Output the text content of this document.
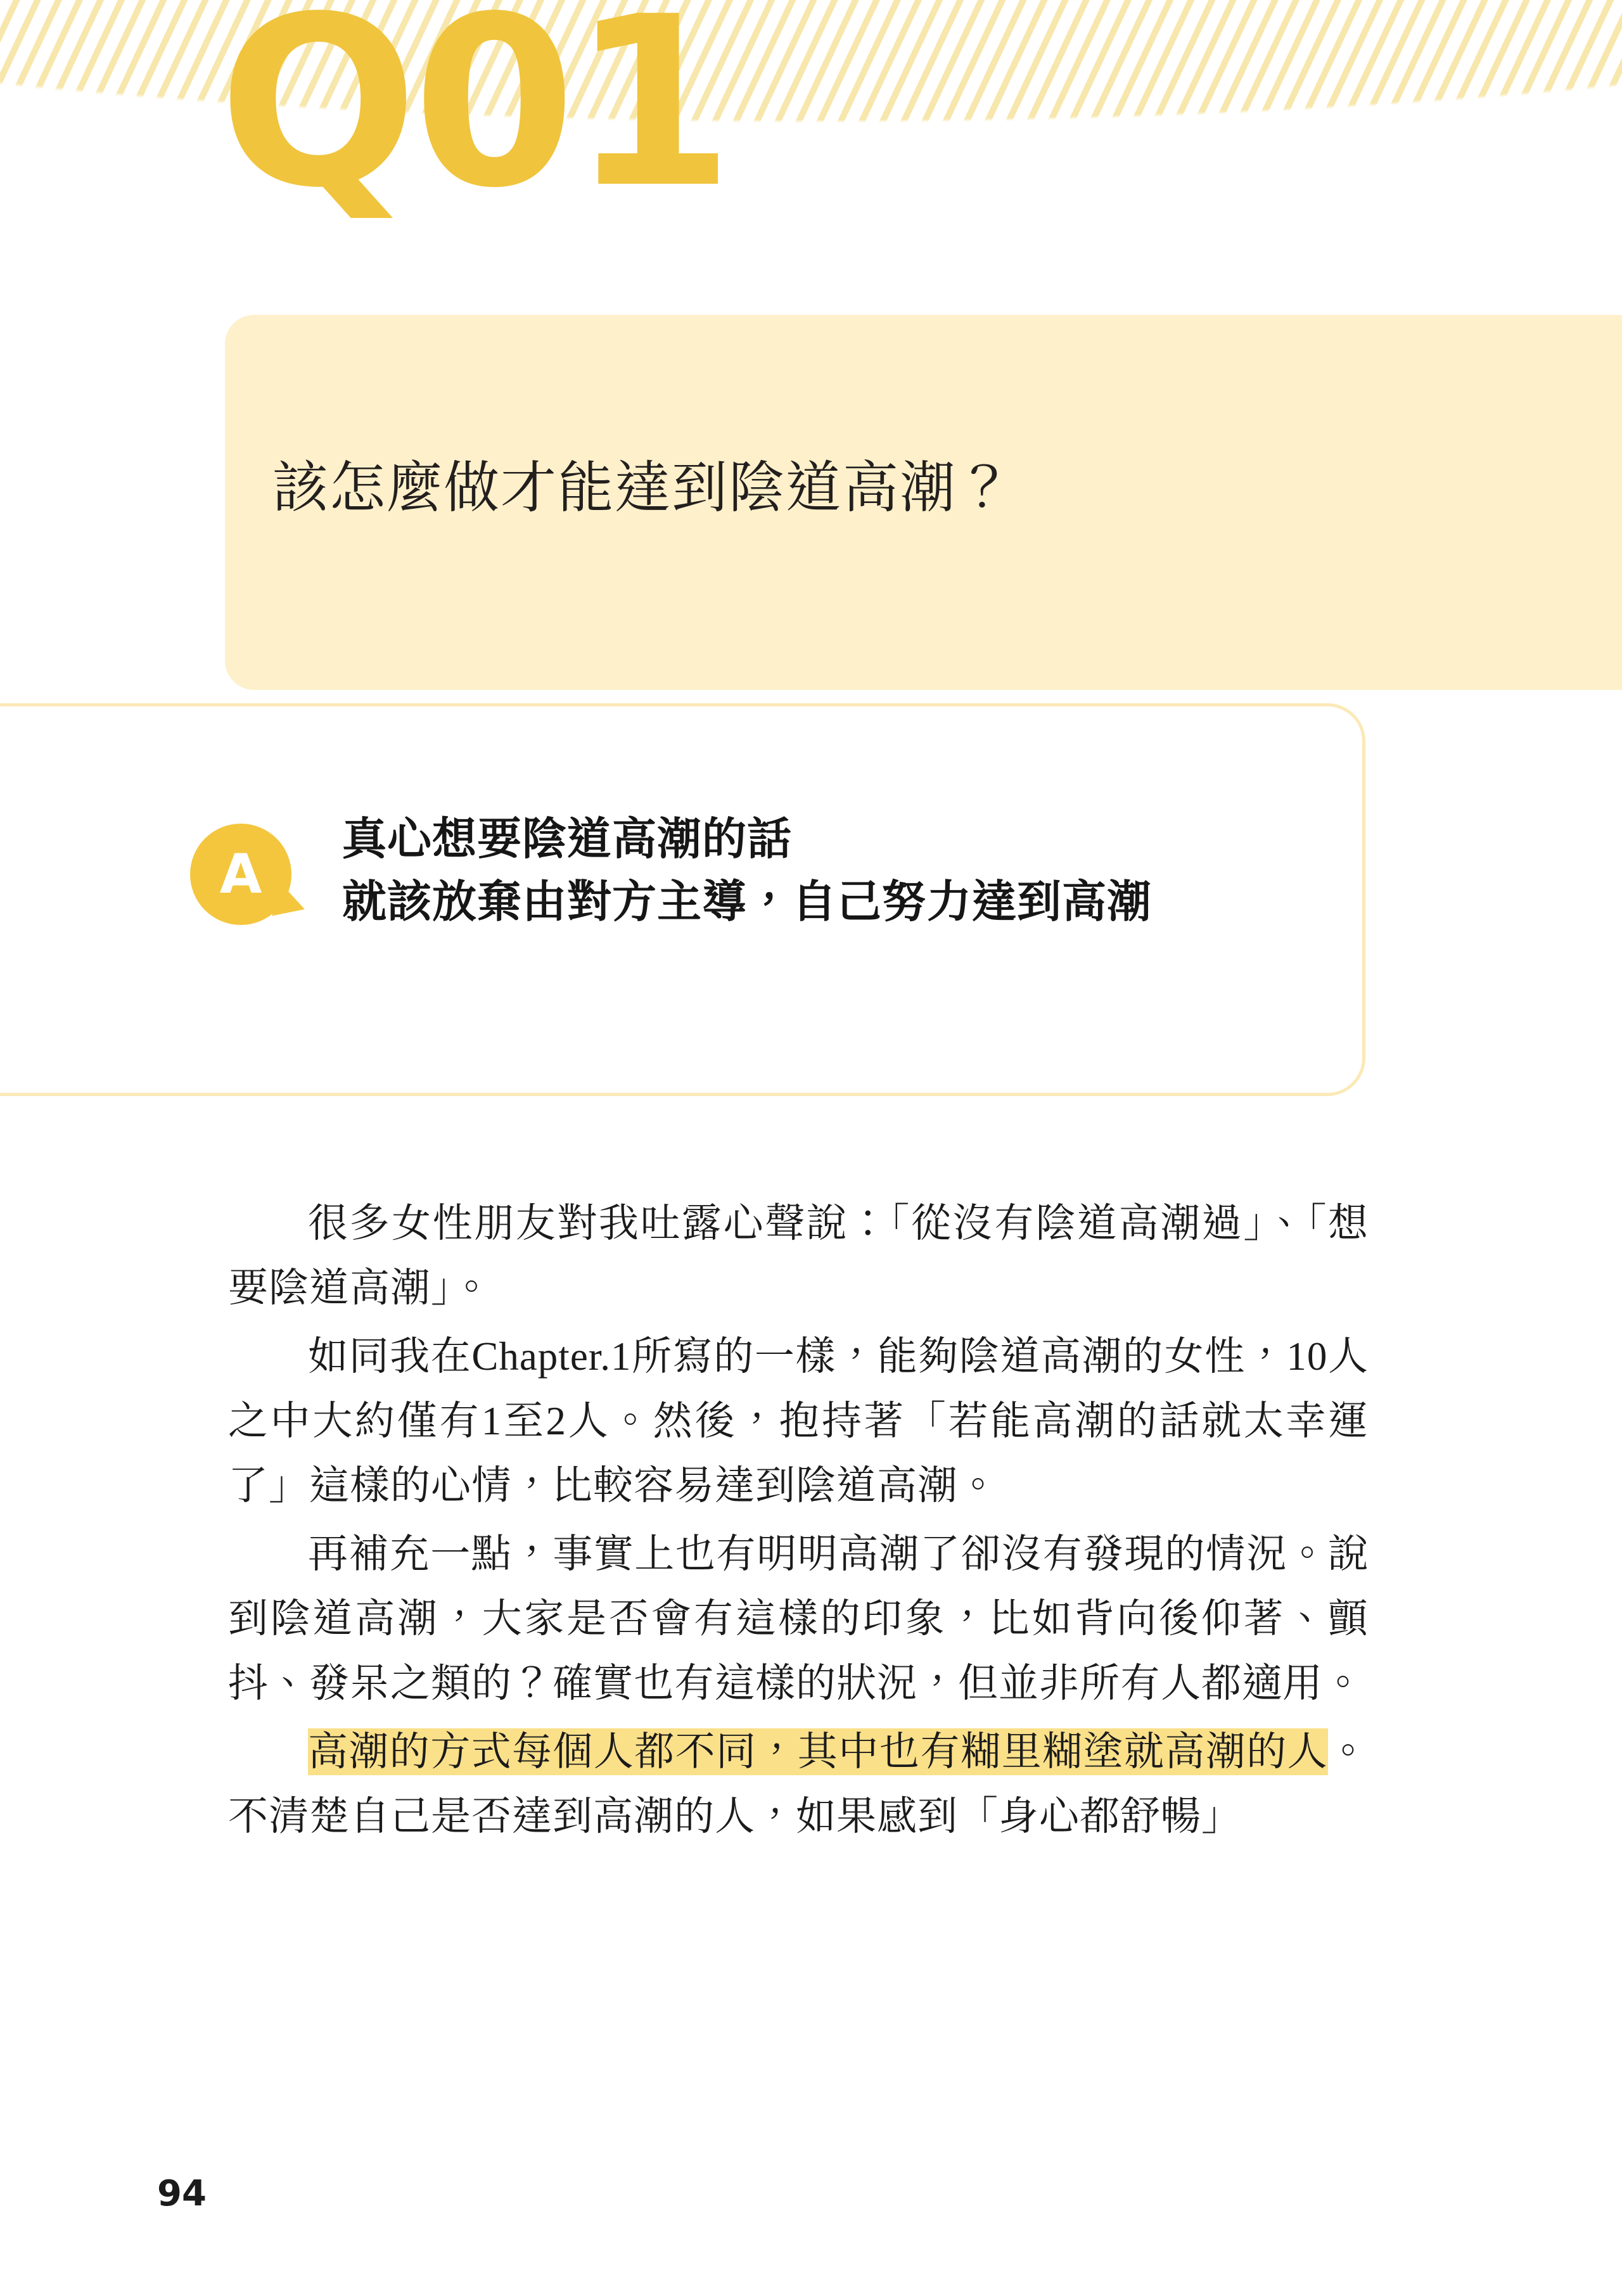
Q01
該怎麼做才能達到陰道高潮？
A
真心想要陰道高潮的話
就該放棄由對方主導，自己努力達到高潮

很多女性朋友對我吐露心聲說：「從沒有陰道高潮過」、「想要陰道高潮」。

如同我在Chapter.1所寫的一樣，能夠陰道高潮的女性，10人之中大約僅有1至2人。然後，抱持著「若能高潮的話就太幸運了」這樣的心情，比較容易達到陰道高潮。

再補充一點，事實上也有明明高潮了卻沒有發現的情況。說到陰道高潮，大家是否會有這樣的印象，比如背向後仰著、顫抖、發呆之類的？確實也有這樣的狀況，但並非所有人都適用。

高潮的方式每個人都不同，其中也有糊里糊塗就高潮的人。不清楚自己是否達到高潮的人，如果感到「身心都舒暢」

94
